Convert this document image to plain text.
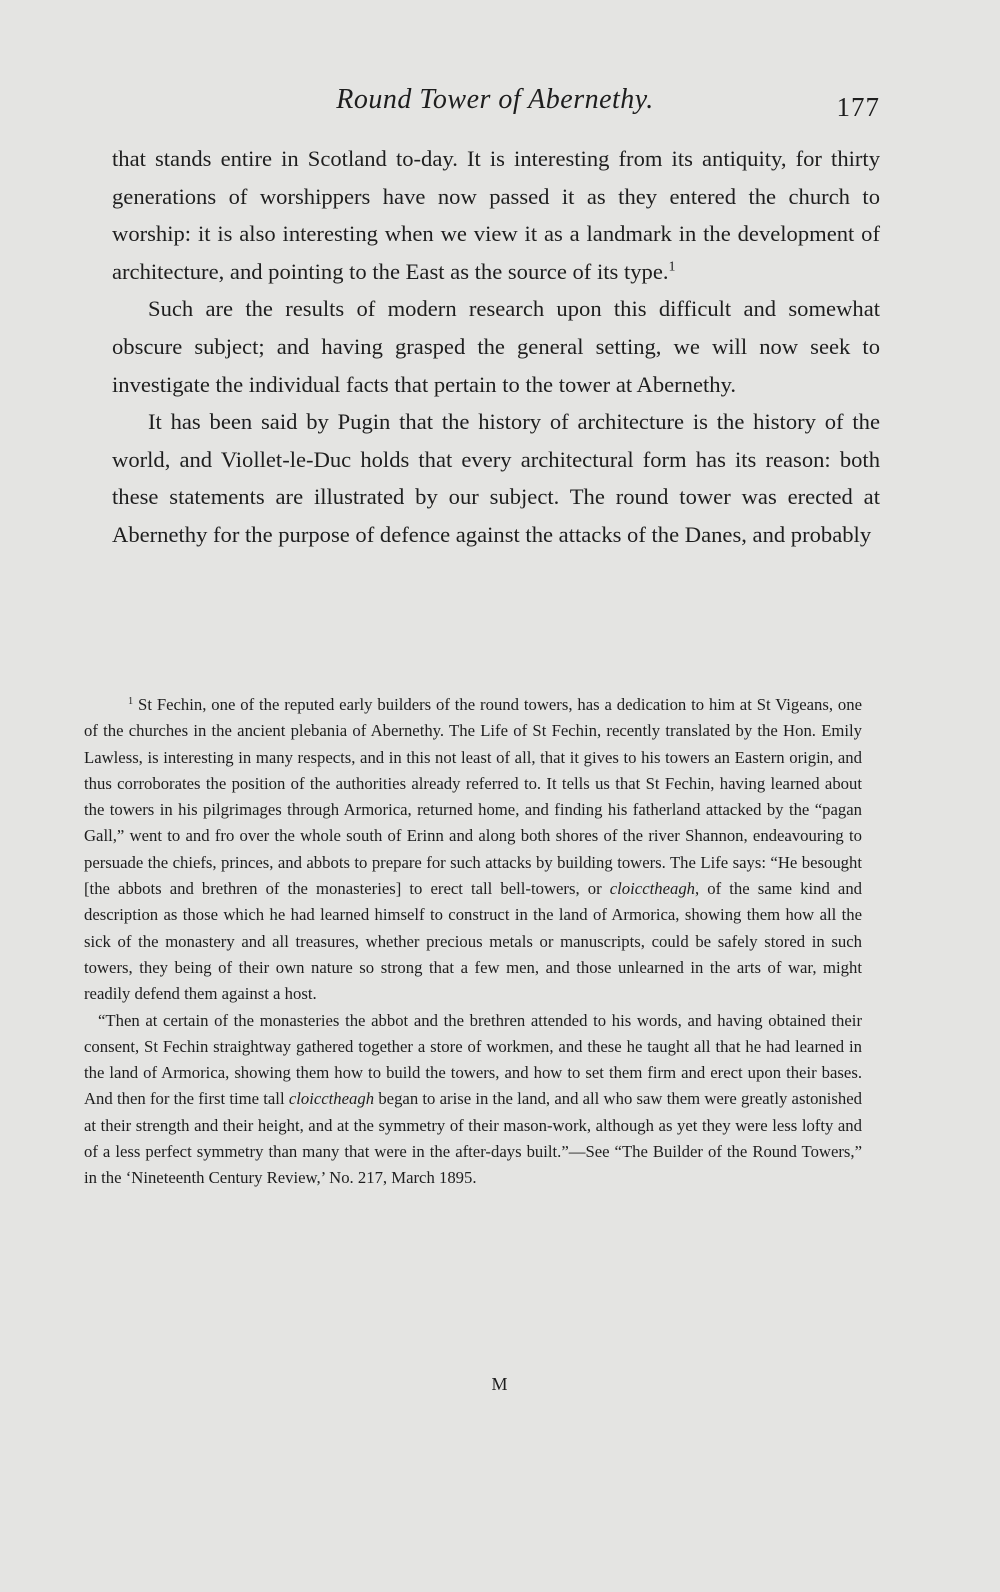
Round Tower of Abernethy.	177

that stands entire in Scotland to-day. It is interesting from its antiquity, for thirty generations of worshippers have now passed it as they entered the church to worship: it is also interesting when we view it as a landmark in the development of architecture, and pointing to the East as the source of its type.$^1$

Such are the results of modern research upon this difficult and somewhat obscure subject; and having grasped the general setting, we will now seek to investigate the individual facts that pertain to the tower at Abernethy.

It has been said by Pugin that the history of architecture is the history of the world, and Viollet-le-Duc holds that every architectural form has its reason: both these statements are illustrated by our subject. The round tower was erected at Abernethy for the purpose of defence against the attacks of the Danes, and probably

$^1$ St Fechin, one of the reputed early builders of the round towers, has a dedication to him at St Vigeans, one of the churches in the ancient plebania of Abernethy. The Life of St Fechin, recently translated by the Hon. Emily Lawless, is interesting in many respects, and in this not least of all, that it gives to his towers an Eastern origin, and thus corroborates the position of the authorities already referred to. It tells us that St Fechin, having learned about the towers in his pilgrimages through Armorica, returned home, and finding his fatherland attacked by the “pagan Gall,” went to and fro over the whole south of Erinn and along both shores of the river Shannon, endeavouring to persuade the chiefs, princes, and abbots to prepare for such attacks by building towers. The Life says: “He besought [the abbots and brethren of the monasteries] to erect tall bell-towers, or cloicctheagh, of the same kind and description as those which he had learned himself to construct in the land of Armorica, showing them how all the sick of the monastery and all treasures, whether precious metals or manuscripts, could be safely stored in such towers, they being of their own nature so strong that a few men, and those unlearned in the arts of war, might readily defend them against a host.

“Then at certain of the monasteries the abbot and the brethren attended to his words, and having obtained their consent, St Fechin straightway gathered together a store of workmen, and these he taught all that he had learned in the land of Armorica, showing them how to build the towers, and how to set them firm and erect upon their bases. And then for the first time tall cloicctheagh began to arise in the land, and all who saw them were greatly astonished at their strength and their height, and at the symmetry of their mason-work, although as yet they were less lofty and of a less perfect symmetry than many that were in the after-days built.”—See “The Builder of the Round Towers,” in the ‘Nineteenth Century Review,’ No. 217, March 1895.

M
